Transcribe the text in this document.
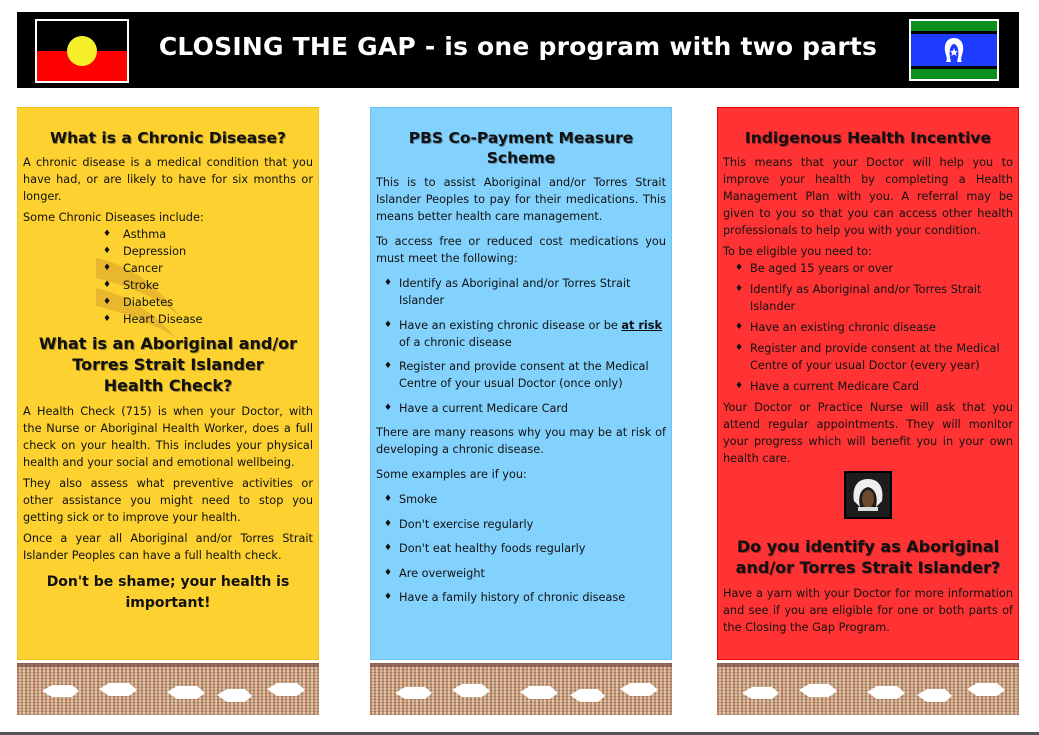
CLOSING THE GAP - is one program with two parts
What is a Chronic Disease?

A chronic disease is a medical condition that you have had, or are likely to have for six months or longer.

Some Chronic Diseases include:

♦ Asthma
♦ Depression
♦ Cancer
♦ Stroke
♦ Diabetes
♦ Heart Disease
What is an Aboriginal and/or
Torres Strait Islander
Health Check?

A Health Check (715) is when your Doctor, with the Nurse or Aboriginal Health Worker, does a full check on your health. This includes your physical health and your social and emotional wellbeing.

They also assess what preventive activities or other assistance you might need to stop you getting sick or to improve your health.

Once a year all Aboriginal and/or Torres Strait Islander Peoples can have a full health check.

Don't be shame; your health is
important!
PBS Co-Payment Measure Scheme

This is to assist Aboriginal and/or Torres Strait Islander Peoples to pay for their medications. This means better health care management.

To access free or reduced cost medications you must meet the following:

♦ Identify as Aboriginal and/or Torres Strait Islander
♦ Have an existing chronic disease or be at risk of a chronic disease
♦ Register and provide consent at the Medical Centre of your usual Doctor (once only)
♦ Have a current Medicare Card

There are many reasons why you may be at risk of developing a chronic disease.

Some examples are if you:

♦ Smoke
♦ Don't exercise regularly
♦ Don't eat healthy foods regularly
♦ Are overweight
♦ Have a family history of chronic disease
Indigenous Health Incentive

This means that your Doctor will help you to improve your health by completing a Health Management Plan with you. A referral may be given to you so that you can access other health professionals to help you with your condition.

To be eligible you need to:

♦ Be aged 15 years or over
♦ Identify as Aboriginal and/or Torres Strait Islander
♦ Have an existing chronic disease
♦ Register and provide consent at the Medical Centre of your usual Doctor (every year)
♦ Have a current Medicare Card

Your Doctor or Practice Nurse will ask that you attend regular appointments. They will monitor your progress which will benefit you in your own health care.

Do you identify as Aboriginal
and/or Torres Strait Islander?

Have a yarn with your Doctor for more information and see if you are eligible for one or both parts of the Closing the Gap Program.
